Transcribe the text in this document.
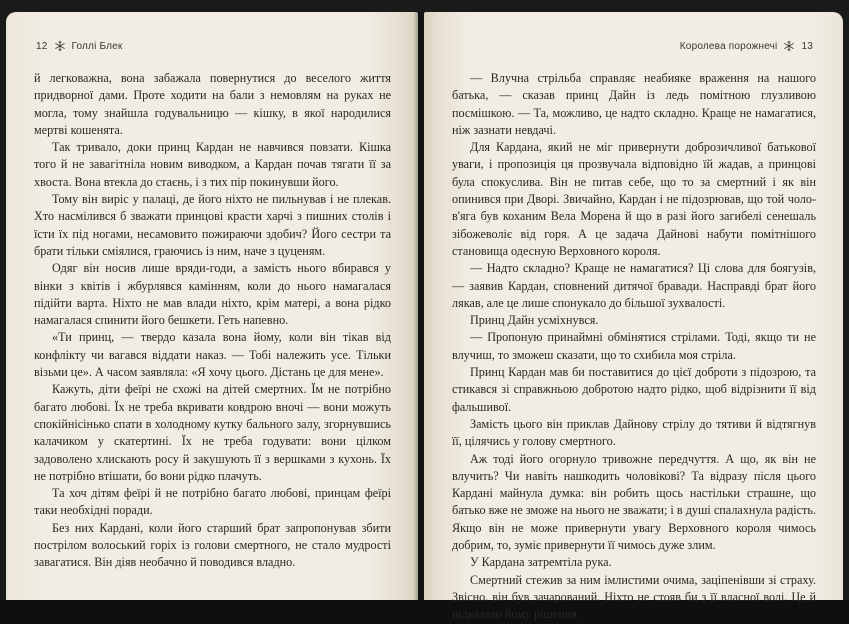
12 Голлі Блек

й легковажна, вона забажала повернутися до веселого життя придворної дами. Проте ходити на бали з немовлям на руках не могла, тому знайшла годувальницю — кішку, в якої народилися мертві кошенята.

Так тривало, доки принц Кардан не навчився повзати. Кішка того й не завагітніла новим виводком, а Кардан почав тягати її за хвоста. Вона втекла до стаєнь, і з тих пір покинувши його.

Тому він виріс у палаці, де його ніхто не пильнував і не плекав. Хто насмілився б зважати принцові красти харчі з пишних столів і їсти їх під ногами, несамовито пожираючи здобич? Його сестри та брати тільки сміялися, граючись із ним, наче з цуценям.

Одяг він носив лише вряди-годи, а замість нього вбирався у вінки з квітів і жбурлявся камінням, коли до нього намагалася підійти варта. Ніхто не мав влади ніхто, крім матері, а вона рідко намагалася спинити його бешкети. Геть напевно.

«Ти принц, — твердо казала вона йому, коли він тікав від конфлікту чи вагався віддати наказ. — Тобі належить усе. Тільки візьми це». А часом заявляла: «Я хочу цього. Дістань це для мене».

Кажуть, діти феїрі не схожі на дітей смертних. Їм не потрібно багато любові. Їх не треба вкривати ковдрою вночі — вони можуть спокійнісінько спати в холодному кутку бального залу, згорнувшись калачиком у скатертині. Їх не треба годувати: вони цілком задоволено хлискають росу й закушують її з вершками з кухонь. Їх не потрібно втішати, бо вони рідко плачуть.

Та хоч дітям феїрі й не потрібно багато любові, принцам феїрі таки необхідні поради.

Без них Кардані, коли його старший брат запропонував збити пострілом волоський горіх із голови смертного, не стало мудрості завагатися. Він діяв необачно й поводився владно.

Королева порожнечі 13

— Влучна стрільба справляє неабияке враження на нашого батька, — сказав принц Дайн із ледь помітною глузливою посмішкою. — Та, можливо, це надто складно. Краще не намагатися, ніж зазнати невдачі.

Для Кардана, який не міг привернути доброзичливої батькової уваги, і пропозиція ця прозвучала відповідно їй жадав, а принцові була спокуслива. Він не питав себе, що то за смертний і як він опинився при Дворі. Звичайно, Кардан і не підозрював, що той чолов'яга був коханим Вела Морена й що в разі його загибелі сенешаль зібожеволіє від горя. А це задача Дайнові набути помітнішого становища одесную Верховного короля.

— Надто складно? Краще не намагатися? Ці слова для боягузів, — заявив Кардан, сповнений дитячої бравади. Насправді брат його лякав, але це лише спонукало до більшої зухвалості.

Принц Дайн усміхнувся.

— Пропоную принаймні обмінятися стрілами. Тоді, якщо ти не влучиш, то зможеш сказати, що то схибила моя стріла.

Принц Кардан мав би поставитися до цієї доброти з підозрою, та стикався зі справжньою добротою надто рідко, щоб відрізнити її від фальшивої.

Замість цього він приклав Дайнову стрілу до тятиви й відтягнув її, цілячись у голову смертного.

Аж тоді його огорнуло тривожне передчуття. А що, як він не влучить? Чи навіть нашкодить чоловікові? Та відразу після цього Кардані майнула думка: він робить щось настільки страшне, що батько вже не зможе на нього не зважати; і в душі спалахнула радість. Якщо він не може привернути увагу Верховного короля чимось добрим, то, зуміє привернути її чимось дуже злим.

У Кардана затремтіла рука.

Смертний стежив за ним імлистими очима, заціпенівши зі страху. Звісно, він був зачарований. Ніхто не стояв би з її власної волі. Це й підказало йому рішення.
